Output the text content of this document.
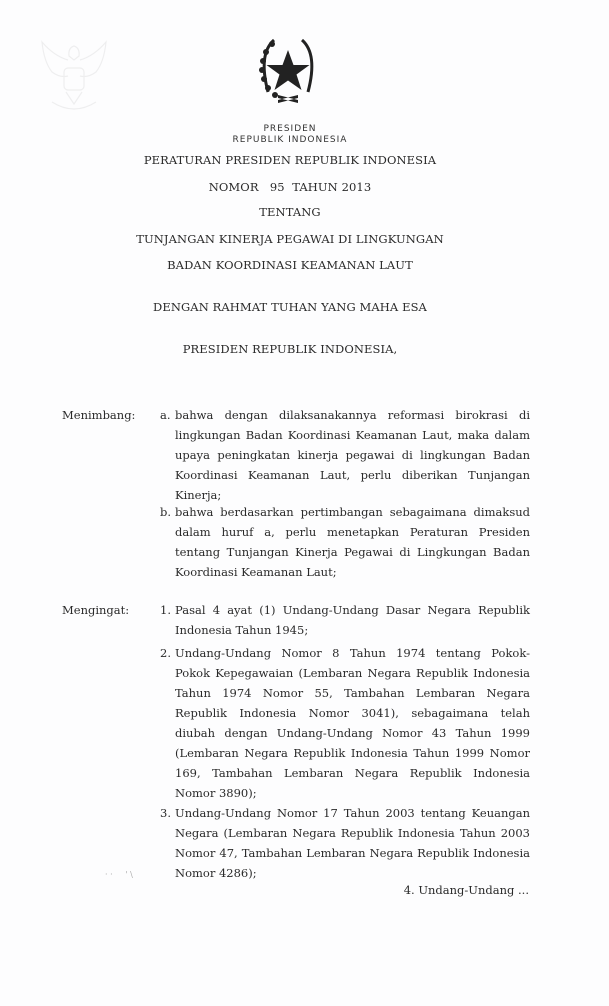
PRESIDEN
REPUBLIK INDONESIA
PERATURAN PRESIDEN REPUBLIK INDONESIA
NOMOR   95  TAHUN 2013
TENTANG
TUNJANGAN KINERJA PEGAWAI DI LINGKUNGAN
BADAN KOORDINASI KEAMANAN LAUT
DENGAN RAHMAT TUHAN YANG MAHA ESA
PRESIDEN REPUBLIK INDONESIA,
Menimbang: a. bahwa dengan dilaksanakannya reformasi birokrasi di
lingkungan Badan Koordinasi Keamanan Laut, maka dalam
upaya peningkatan kinerja pegawai di lingkungan Badan
Koordinasi Keamanan Laut, perlu diberikan Tunjangan
Kinerja;
b. bahwa berdasarkan pertimbangan sebagaimana dimaksud
dalam huruf a, perlu menetapkan Peraturan Presiden
tentang Tunjangan Kinerja Pegawai di Lingkungan Badan
Koordinasi Keamanan Laut;
Mengingat:	1. Pasal 4 ayat (1) Undang-Undang Dasar Negara Republik
Indonesia Tahun 1945;
2. Undang-Undang Nomor 8 Tahun 1974 tentang Pokok-
Pokok Kepegawaian (Lembaran Negara Republik Indonesia
Tahun 1974 Nomor 55, Tambahan Lembaran Negara
Republik Indonesia Nomor 3041), sebagaimana telah
diubah dengan Undang-Undang Nomor 43 Tahun 1999
(Lembaran Negara Republik Indonesia Tahun 1999 Nomor
169, Tambahan Lembaran Negara Republik Indonesia
Nomor 3890);
3. Undang-Undang Nomor 17 Tahun 2003 tentang Keuangan
Negara (Lembaran Negara Republik Indonesia Tahun 2003
Nomor 47, Tambahan Lembaran Negara Republik Indonesia
Nomor 4286);
4. Undang-Undang ...
· ·     ' \
